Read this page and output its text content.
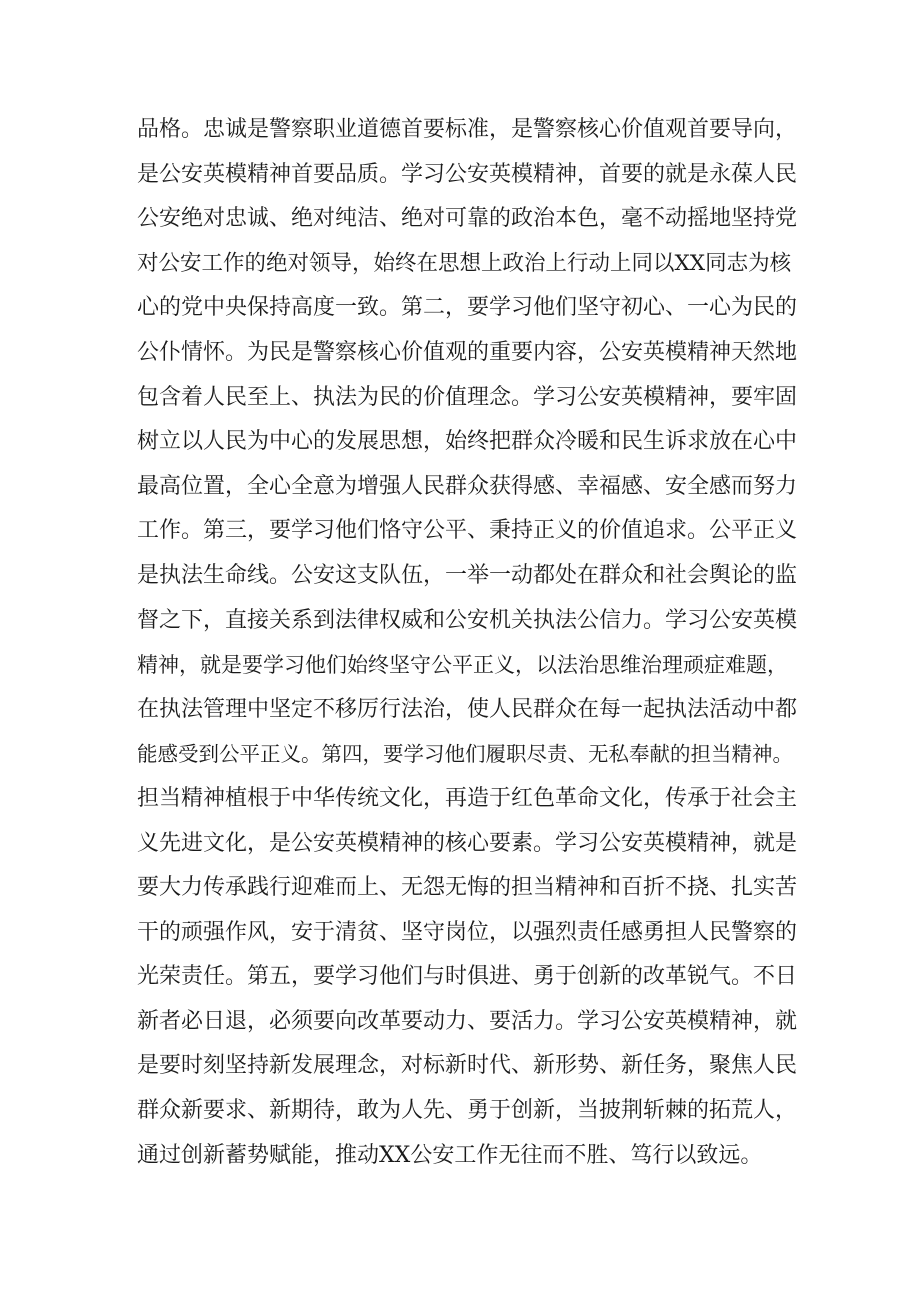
品格。忠诚是警察职业道德首要标准，是警察核心价值观首要导向，
是公安英模精神首要品质。学习公安英模精神，首要的就是永葆人民
公安绝对忠诚、绝对纯洁、绝对可靠的政治本色，毫不动摇地坚持党
对公安工作的绝对领导，始终在思想上政治上行动上同以XX同志为核
心的党中央保持高度一致。第二，要学习他们坚守初心、一心为民的
公仆情怀。为民是警察核心价值观的重要内容，公安英模精神天然地
包含着人民至上、执法为民的价值理念。学习公安英模精神，要牢固
树立以人民为中心的发展思想，始终把群众冷暖和民生诉求放在心中
最高位置，全心全意为增强人民群众获得感、幸福感、安全感而努力
工作。第三，要学习他们恪守公平、秉持正义的价值追求。公平正义
是执法生命线。公安这支队伍，一举一动都处在群众和社会舆论的监
督之下，直接关系到法律权威和公安机关执法公信力。学习公安英模
精神，就是要学习他们始终坚守公平正义，以法治思维治理顽症难题，
在执法管理中坚定不移厉行法治，使人民群众在每一起执法活动中都
能感受到公平正义。第四，要学习他们履职尽责、无私奉献的担当精神。
担当精神植根于中华传统文化，再造于红色革命文化，传承于社会主
义先进文化，是公安英模精神的核心要素。学习公安英模精神，就是
要大力传承践行迎难而上、无怨无悔的担当精神和百折不挠、扎实苦
干的顽强作风，安于清贫、坚守岗位，以强烈责任感勇担人民警察的
光荣责任。第五，要学习他们与时俱进、勇于创新的改革锐气。不日
新者必日退，必须要向改革要动力、要活力。学习公安英模精神，就
是要时刻坚持新发展理念，对标新时代、新形势、新任务，聚焦人民
群众新要求、新期待，敢为人先、勇于创新，当披荆斩棘的拓荒人，
通过创新蓄势赋能，推动XX公安工作无往而不胜、笃行以致远。
